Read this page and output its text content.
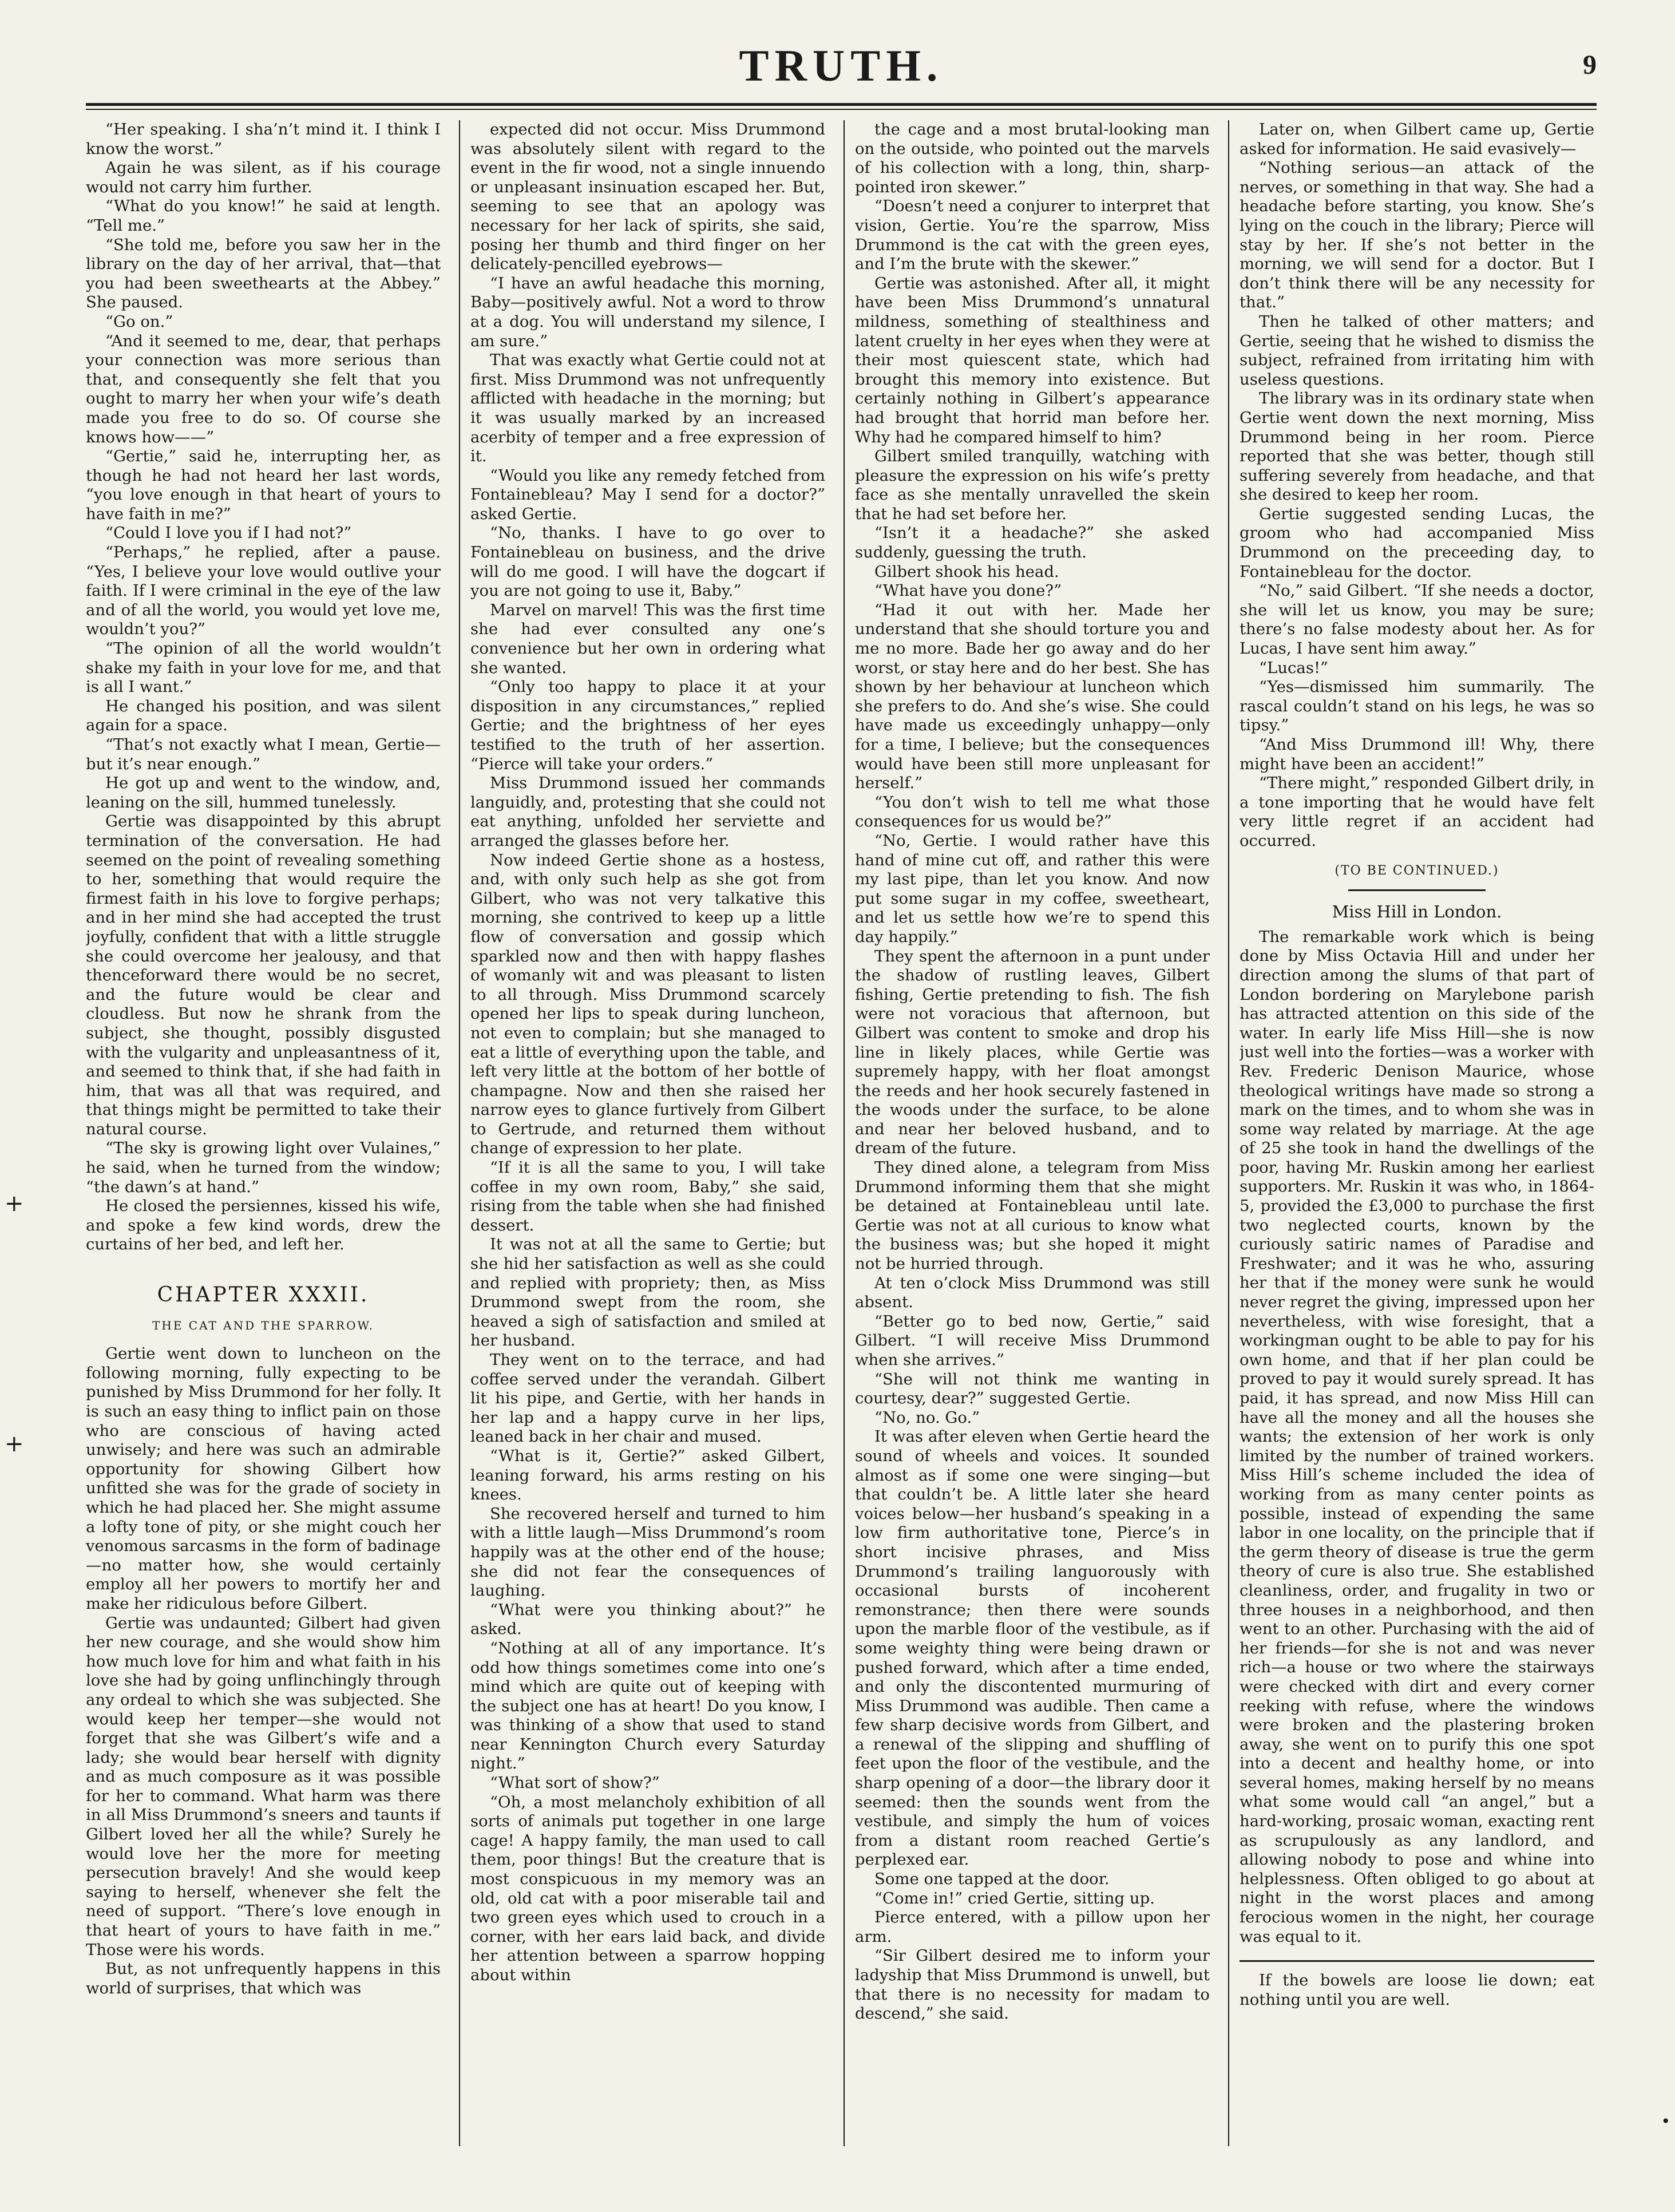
TRUTH.	9

“Her speaking. I sha’n’t mind it. I think I know the worst.”

Again he was silent, as if his courage would not carry him further.

“What do you know!” he said at length. “Tell me.”

“She told me, before you saw her in the library on the day of her arrival, that—that you had been sweethearts at the Abbey.” She paused.

“Go on.”

“And it seemed to me, dear, that perhaps your connection was more serious than that, and consequently she felt that you ought to marry her when your wife’s death made you free to do so. Of course she knows how——”

“Gertie,” said he, interrupting her, as though he had not heard her last words, “you love enough in that heart of yours to have faith in me?”

“Could I love you if I had not?”

“Perhaps,” he replied, after a pause. “Yes, I believe your love would outlive your faith. If I were criminal in the eye of the law and of all the world, you would yet love me, wouldn’t you?”

“The opinion of all the world wouldn’t shake my faith in your love for me, and that is all I want.”

He changed his position, and was silent again for a space.

“That’s not exactly what I mean, Gertie—but it’s near enough.”

He got up and went to the window, and, leaning on the sill, hummed tunelessly.

Gertie was disappointed by this abrupt termination of the conversation. He had seemed on the point of revealing something to her, something that would require the firmest faith in his love to forgive perhaps; and in her mind she had accepted the trust joyfully, confident that with a little struggle she could overcome her jealousy, and that thenceforward there would be no secret, and the future would be clear and cloudless. But now he shrank from the subject, she thought, possibly disgusted with the vulgarity and unpleasantness of it, and seemed to think that, if she had faith in him, that was all that was required, and that things might be permitted to take their natural course.

“The sky is growing light over Vulaines,” he said, when he turned from the window; “the dawn’s at hand.”

He closed the persiennes, kissed his wife, and spoke a few kind words, drew the curtains of her bed, and left her.

CHAPTER XXXII.
THE CAT AND THE SPARROW.

Gertie went down to luncheon on the following morning, fully expecting to be punished by Miss Drummond for her folly. It is such an easy thing to inflict pain on those who are conscious of having acted unwisely; and here was such an admirable opportunity for showing Gilbert how unfitted she was for the grade of society in which he had placed her. She might assume a lofty tone of pity, or she might couch her venomous sarcasms in the form of badinage—no matter how, she would certainly employ all her powers to mortify her and make her ridiculous before Gilbert.

Gertie was undaunted; Gilbert had given her new courage, and she would show him how much love for him and what faith in his love she had by going unflinchingly through any ordeal to which she was subjected. She would keep her temper—she would not forget that she was Gilbert’s wife and a lady; she would bear herself with dignity and as much composure as it was possible for her to command. What harm was there in all Miss Drummond’s sneers and taunts if Gilbert loved her all the while? Surely he would love her the more for meeting persecution bravely! And she would keep saying to herself, whenever she felt the need of support. “There’s love enough in that heart of yours to have faith in me.” Those were his words.

But, as not unfrequently happens in this world of surprises, that which was

expected did not occur. Miss Drummond was absolutely silent with regard to the event in the fir wood, not a single innuendo or unpleasant insinuation escaped her. But, seeming to see that an apology was necessary for her lack of spirits, she said, posing her thumb and third finger on her delicately-pencilled eyebrows—

“I have an awful headache this morning, Baby—positively awful. Not a word to throw at a dog. You will understand my silence, I am sure.”

That was exactly what Gertie could not at first. Miss Drummond was not unfrequently afflicted with headache in the morning; but it was usually marked by an increased acerbity of temper and a free expression of it.

“Would you like any remedy fetched from Fontainebleau? May I send for a doctor?” asked Gertie.

“No, thanks. I have to go over to Fontainebleau on business, and the drive will do me good. I will have the dogcart if you are not going to use it, Baby.”

Marvel on marvel! This was the first time she had ever consulted any one’s convenience but her own in ordering what she wanted.

“Only too happy to place it at your disposition in any circumstances,” replied Gertie; and the brightness of her eyes testified to the truth of her assertion. “Pierce will take your orders.”

Miss Drummond issued her commands languidly, and, protesting that she could not eat anything, unfolded her serviette and arranged the glasses before her.

Now indeed Gertie shone as a hostess, and, with only such help as she got from Gilbert, who was not very talkative this morning, she contrived to keep up a little flow of conversation and gossip which sparkled now and then with happy flashes of womanly wit and was pleasant to listen to all through. Miss Drummond scarcely opened her lips to speak during luncheon, not even to complain; but she managed to eat a little of everything upon the table, and left very little at the bottom of her bottle of champagne. Now and then she raised her narrow eyes to glance furtively from Gilbert to Gertrude, and returned them without change of expression to her plate.

“If it is all the same to you, I will take coffee in my own room, Baby,” she said, rising from the table when she had finished dessert.

It was not at all the same to Gertie; but she hid her satisfaction as well as she could and replied with propriety; then, as Miss Drummond swept from the room, she heaved a sigh of satisfaction and smiled at her husband.

They went on to the terrace, and had coffee served under the verandah. Gilbert lit his pipe, and Gertie, with her hands in her lap and a happy curve in her lips, leaned back in her chair and mused.

“What is it, Gertie?” asked Gilbert, leaning forward, his arms resting on his knees.

She recovered herself and turned to him with a little laugh—Miss Drummond’s room happily was at the other end of the house; she did not fear the consequences of laughing.

“What were you thinking about?” he asked.

“Nothing at all of any importance. It’s odd how things sometimes come into one’s mind which are quite out of keeping with the subject one has at heart! Do you know, I was thinking of a show that used to stand near Kennington Church every Saturday night.”

“What sort of show?”

“Oh, a most melancholy exhibition of all sorts of animals put together in one large cage! A happy family, the man used to call them, poor things! But the creature that is most conspicuous in my memory was an old, old cat with a poor miserable tail and two green eyes which used to crouch in a corner, with her ears laid back, and divide her attention between a sparrow hopping about within

the cage and a most brutal-looking man on the outside, who pointed out the marvels of his collection with a long, thin, sharp-pointed iron skewer.”

“Doesn’t need a conjurer to interpret that vision, Gertie. You’re the sparrow, Miss Drummond is the cat with the green eyes, and I’m the brute with the skewer.”

Gertie was astonished. After all, it might have been Miss Drummond’s unnatural mildness, something of stealthiness and latent cruelty in her eyes when they were at their most quiescent state, which had brought this memory into existence. But certainly nothing in Gilbert’s appearance had brought that horrid man before her. Why had he compared himself to him?

Gilbert smiled tranquilly, watching with pleasure the expression on his wife’s pretty face as she mentally unravelled the skein that he had set before her.

“Isn’t it a headache?” she asked suddenly, guessing the truth.

Gilbert shook his head.

“What have you done?”

“Had it out with her. Made her understand that she should torture you and me no more. Bade her go away and do her worst, or stay here and do her best. She has shown by her behaviour at luncheon which she prefers to do. And she’s wise. She could have made us exceedingly unhappy—only for a time, I believe; but the consequences would have been still more unpleasant for herself.”

“You don’t wish to tell me what those consequences for us would be?”

“No, Gertie. I would rather have this hand of mine cut off, and rather this were my last pipe, than let you know. And now put some sugar in my coffee, sweetheart, and let us settle how we’re to spend this day happily.”

They spent the afternoon in a punt under the shadow of rustling leaves, Gilbert fishing, Gertie pretending to fish. The fish were not voracious that afternoon, but Gilbert was content to smoke and drop his line in likely places, while Gertie was supremely happy, with her float amongst the reeds and her hook securely fastened in the woods under the surface, to be alone and near her beloved husband, and to dream of the future.

They dined alone, a telegram from Miss Drummond informing them that she might be detained at Fontainebleau until late. Gertie was not at all curious to know what the business was; but she hoped it might not be hurried through.

At ten o’clock Miss Drummond was still absent.

“Better go to bed now, Gertie,” said Gilbert. “I will receive Miss Drummond when she arrives.”

“She will not think me wanting in courtesy, dear?” suggested Gertie.

“No, no. Go.”

It was after eleven when Gertie heard the sound of wheels and voices. It sounded almost as if some one were singing—but that couldn’t be. A little later she heard voices below—her husband’s speaking in a low firm authoritative tone, Pierce’s in short incisive phrases, and Miss Drummond’s trailing languorously with occasional bursts of incoherent remonstrance; then there were sounds upon the marble floor of the vestibule, as if some weighty thing were being drawn or pushed forward, which after a time ended, and only the discontented murmuring of Miss Drummond was audible. Then came a few sharp decisive words from Gilbert, and a renewal of the slipping and shuffling of feet upon the floor of the vestibule, and the sharp opening of a door—the library door it seemed: then the sounds went from the vestibule, and simply the hum of voices from a distant room reached Gertie’s perplexed ear.

Some one tapped at the door.

“Come in!” cried Gertie, sitting up.

Pierce entered, with a pillow upon her arm.

“Sir Gilbert desired me to inform your ladyship that Miss Drummond is unwell, but that there is no necessity for madam to descend,” she said.

Later on, when Gilbert came up, Gertie asked for information. He said evasively—

“Nothing serious—an attack of the nerves, or something in that way. She had a headache before starting, you know. She’s lying on the couch in the library; Pierce will stay by her. If she’s not better in the morning, we will send for a doctor. But I don’t think there will be any necessity for that.”

Then he talked of other matters; and Gertie, seeing that he wished to dismiss the subject, refrained from irritating him with useless questions.

The library was in its ordinary state when Gertie went down the next morning, Miss Drummond being in her room. Pierce reported that she was better, though still suffering severely from headache, and that she desired to keep her room.

Gertie suggested sending Lucas, the groom who had accompanied Miss Drummond on the preceeding day, to Fontainebleau for the doctor.

“No,” said Gilbert. “If she needs a doctor, she will let us know, you may be sure; there’s no false modesty about her. As for Lucas, I have sent him away.”

“Lucas!”

“Yes—dismissed him summarily. The rascal couldn’t stand on his legs, he was so tipsy.”

“And Miss Drummond ill! Why, there might have been an accident!”

“There might,” responded Gilbert drily, in a tone importing that he would have felt very little regret if an accident had occurred.

(TO BE CONTINUED.)
Miss Hill in London.

The remarkable work which is being done by Miss Octavia Hill and under her direction among the slums of that part of London bordering on Marylebone parish has attracted attention on this side of the water. In early life Miss Hill—she is now just well into the forties—was a worker with Rev. Frederic Denison Maurice, whose theological writings have made so strong a mark on the times, and to whom she was in some way related by marriage. At the age of 25 she took in hand the dwellings of the poor, having Mr. Ruskin among her earliest supporters. Mr. Ruskin it was who, in 1864-5, provided the £3,000 to purchase the first two neglected courts, known by the curiously satiric names of Paradise and Freshwater; and it was he who, assuring her that if the money were sunk he would never regret the giving, impressed upon her nevertheless, with wise foresight, that a workingman ought to be able to pay for his own home, and that if her plan could be proved to pay it would surely spread. It has paid, it has spread, and now Miss Hill can have all the money and all the houses she wants; the extension of her work is only limited by the number of trained workers. Miss Hill’s scheme included the idea of working from as many center points as possible, instead of expending the same labor in one locality, on the principle that if the germ theory of disease is true the germ theory of cure is also true. She established cleanliness, order, and frugality in two or three houses in a neighborhood, and then went to an other. Purchasing with the aid of her friends—for she is not and was never rich—a house or two where the stairways were checked with dirt and every corner reeking with refuse, where the windows were broken and the plastering broken away, she went on to purify this one spot into a decent and healthy home, or into several homes, making herself by no means what some would call “an angel,” but a hard-working, prosaic woman, exacting rent as scrupulously as any landlord, and allowing nobody to pose and whine into helplessness. Often obliged to go about at night in the worst places and among ferocious women in the night, her courage was equal to it.

If the bowels are loose lie down; eat nothing until you are well.

+
+
•
